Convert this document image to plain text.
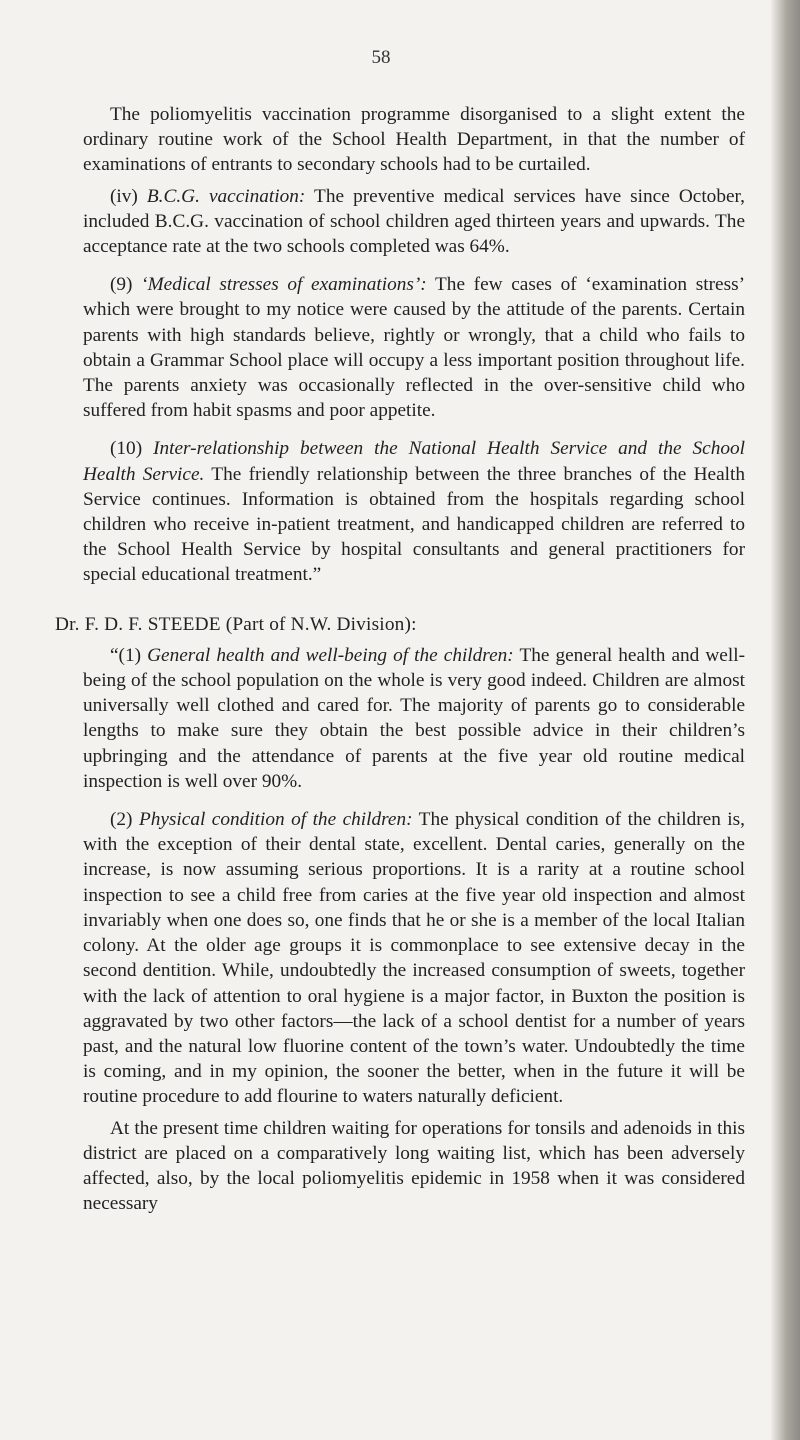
58

The poliomyelitis vaccination programme disorganised to a slight extent the ordinary routine work of the School Health Department, in that the number of examinations of entrants to secondary schools had to be curtailed.

(iv) B.C.G. vaccination: The preventive medical services have since October, included B.C.G. vaccination of school children aged thirteen years and upwards. The acceptance rate at the two schools completed was 64%.

(9) ‘Medical stresses of examinations’: The few cases of ‘examination stress’ which were brought to my notice were caused by the attitude of the parents. Certain parents with high standards believe, rightly or wrongly, that a child who fails to obtain a Grammar School place will occupy a less important position throughout life. The parents anxiety was occasionally reflected in the over-sensitive child who suffered from habit spasms and poor appetite.

(10) Inter-relationship between the National Health Service and the School Health Service. The friendly relationship between the three branches of the Health Service continues. Information is obtained from the hospitals regarding school children who receive in-patient treatment, and handicapped children are referred to the School Health Service by hospital consultants and general practitioners for special educational treatment.”

Dr. F. D. F. STEEDE (Part of N.W. Division):

“(1) General health and well-being of the children: The general health and well-being of the school population on the whole is very good indeed. Children are almost universally well clothed and cared for. The majority of parents go to considerable lengths to make sure they obtain the best possible advice in their children’s upbringing and the attendance of parents at the five year old routine medical inspection is well over 90%.

(2) Physical condition of the children: The physical condition of the children is, with the exception of their dental state, excellent. Dental caries, generally on the increase, is now assuming serious proportions. It is a rarity at a routine school inspection to see a child free from caries at the five year old inspection and almost invariably when one does so, one finds that he or she is a member of the local Italian colony. At the older age groups it is commonplace to see extensive decay in the second dentition. While, undoubtedly the increased consumption of sweets, together with the lack of attention to oral hygiene is a major factor, in Buxton the position is aggravated by two other factors—the lack of a school dentist for a number of years past, and the natural low fluorine content of the town’s water. Undoubtedly the time is coming, and in my opinion, the sooner the better, when in the future it will be routine procedure to add flourine to waters naturally deficient.

At the present time children waiting for operations for tonsils and adenoids in this district are placed on a comparatively long waiting list, which has been adversely affected, also, by the local poliomyelitis epidemic in 1958 when it was considered necessary
